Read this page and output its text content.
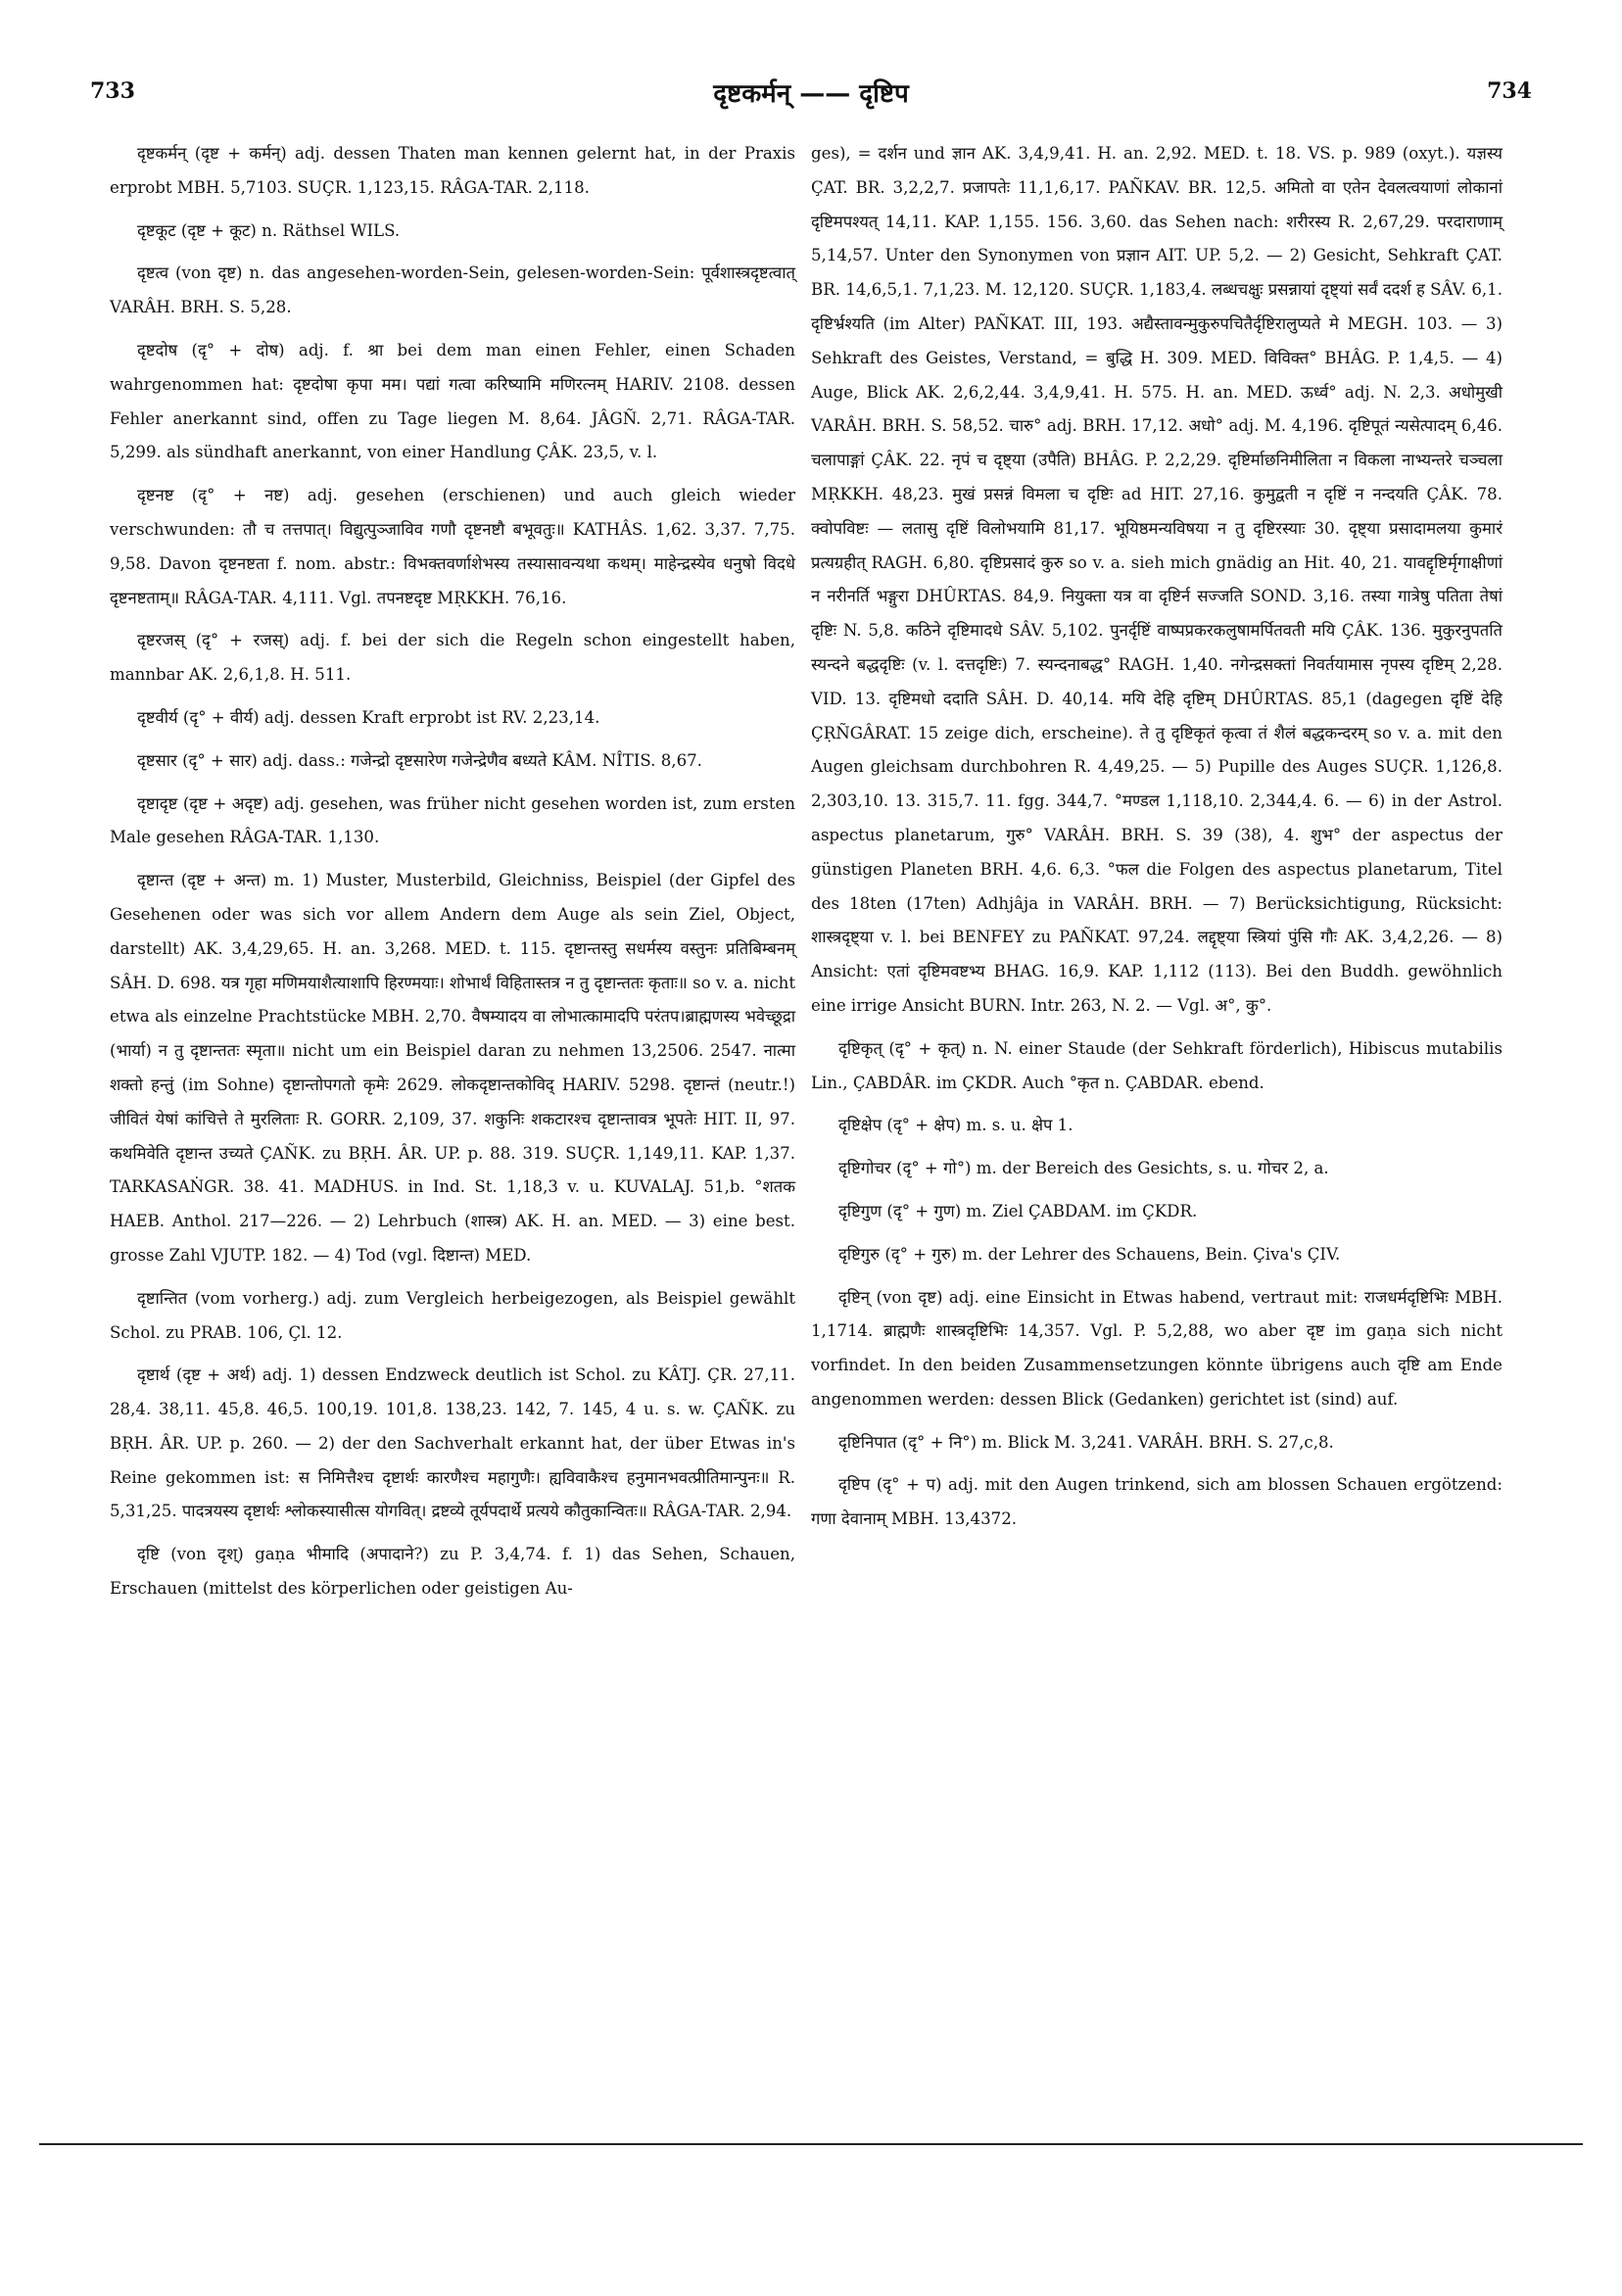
733	दृष्टकर्मन् —— दृष्टिप	734

दृष्टकर्मन् (दृष्ट + कर्मन्) adj. dessen Thaten man kennen gelernt hat, in der Praxis erprobt MBH. 5,7103. SUÇR. 1,123,15. RÂGA-TAR. 2,118.

दृष्टकूट (दृष्ट + कूट) n. Räthsel WILS.

दृष्टत्व (von दृष्ट) n. das angesehen-worden-Sein, gelesen-worden-Sein: पूर्वशास्त्रदृष्टत्वात् VARÂH. BRH. S. 5,28.

दृष्टदोष (दृ° + दोष) adj. f. श्रा bei dem man einen Fehler, einen Schaden wahrgenommen hat: दृष्टदोषा कृपा मम। पद्यां गत्वा करिष्यामि मणिरत्नम् HARIV. 2108. dessen Fehler anerkannt sind, offen zu Tage liegen M. 8,64. JÂGÑ. 2,71. RÂGA-TAR. 5,299. als sündhaft anerkannt, von einer Handlung ÇÂK. 23,5, v. l.

दृष्टनष्ट (दृ° + नष्ट) adj. gesehen (erschienen) und auch gleich wieder verschwunden: तौ च तत्तपात्। विद्युत्पुञ्जाविव गणौ दृष्टनष्टौ बभूवतुः॥ KATHÂS. 1,62. 3,37. 7,75. 9,58. Davon दृष्टनष्टता f. nom. abstr.: विभक्तवर्णाशेभस्य तस्यासावन्यथा कथम्। माहेन्द्रस्येव धनुषो विदधे दृष्टनष्टताम्॥ RÂGA-TAR. 4,111. Vgl. तपनष्टदृष्ट MṚKKH. 76,16.

दृष्टरजस् (दृ° + रजस्) adj. f. bei der sich die Regeln schon eingestellt haben, mannbar AK. 2,6,1,8. H. 511.

दृष्टवीर्य (दृ° + वीर्य) adj. dessen Kraft erprobt ist RV. 2,23,14.

दृष्टसार (दृ° + सार) adj. dass.: गजेन्द्रो दृष्टसारेण गजेन्द्रेणैव बध्यते KÂM. NÎTIS. 8,67.

दृष्टादृष्ट (दृष्ट + अदृष्ट) adj. gesehen, was früher nicht gesehen worden ist, zum ersten Male gesehen RÂGA-TAR. 1,130.

दृष्टान्त (दृष्ट + अन्त) m. 1) Muster, Musterbild, Gleichniss, Beispiel (der Gipfel des Gesehenen oder was sich vor allem Andern dem Auge als sein Ziel, Object, darstellt) AK. 3,4,29,65. H. an. 3,268. MED. t. 115. दृष्टान्तस्तु सधर्मस्य वस्तुनः प्रतिबिम्बनम् SÂH. D. 698. यत्र गृहा मणिमयाशैत्याशापि हिरण्मयाः। शोभार्थं विहितास्तत्र न तु दृष्टान्ततः कृताः॥ so v. a. nicht etwa als einzelne Prachtstücke MBH. 2,70. वैषम्यादय वा लोभात्कामादपि परंतप।ब्राह्मणस्य भवेच्छूद्रा (भार्या) न तु दृष्टान्ततः स्मृता॥ nicht um ein Beispiel daran zu nehmen 13,2506. 2547. नात्मा शक्तो हन्तुं (im Sohne) दृष्टान्तोपगतो कृमेः 2629. लोकदृष्टान्तकोविद् HARIV. 5298. दृष्टान्तं (neutr.!) जीवितं येषां कांचित्ते ते मुरलिताः R. GORR. 2,109, 37. शकुनिः शकटारश्च दृष्टान्तावत्र भूपतेः HIT. II, 97. कथमिवेति दृष्टान्त उच्यते ÇAÑK. zu BṚH. ÂR. UP. p. 88. 319. SUÇR. 1,149,11. KAP. 1,37. TARKASAṄGR. 38. 41. MADHUS. in Ind. St. 1,18,3 v. u. KUVALAJ. 51,b. °शतक HAEB. Anthol. 217—226. — 2) Lehrbuch (शास्त्र) AK. H. an. MED. — 3) eine best. grosse Zahl VJUTP. 182. — 4) Tod (vgl. दिष्टान्त) MED.

दृष्टान्तित (vom vorherg.) adj. zum Vergleich herbeigezogen, als Beispiel gewählt Schol. zu PRAB. 106, Çl. 12.

दृष्टार्थ (दृष्ट + अर्थ) adj. 1) dessen Endzweck deutlich ist Schol. zu KÂTJ. ÇR. 27,11. 28,4. 38,11. 45,8. 46,5. 100,19. 101,8. 138,23. 142, 7. 145, 4 u. s. w. ÇAÑK. zu BṚH. ÂR. UP. p. 260. — 2) der den Sachverhalt erkannt hat, der über Etwas in's Reine gekommen ist: स निमित्तैश्च दृष्टार्थः कारणैश्च महागुणैः। ह्यविवाकैश्च हनुमानभवत्प्रीतिमान्पुनः॥ R. 5,31,25. पादत्रयस्य दृष्टार्थः श्लोकस्यासीत्स योगवित्। द्रष्टव्ये तूर्यपदार्थे प्रत्यये कौतुकान्वितः॥ RÂGA-TAR. 2,94.

दृष्टि (von दृश्) gaṇa भीमादि (अपादाने?) zu P. 3,4,74. f. 1) das Sehen, Schauen, Erschauen (mittelst des körperlichen oder geistigen Au-

ges), = दर्शन und ज्ञान AK. 3,4,9,41. H. an. 2,92. MED. t. 18. VS. p. 989 (oxyt.). यज्ञस्य ÇAT. BR. 3,2,2,7. प्रजापतेः 11,1,6,17. PAÑKAV. BR. 12,5. अमितो वा एतेन देवलत्वयाणां लोकानां दृष्टिमपश्यत् 14,11. KAP. 1,155. 156. 3,60. das Sehen nach: शरीरस्य R. 2,67,29. परदाराणाम् 5,14,57. Unter den Synonymen von प्रज्ञान AIT. UP. 5,2. — 2) Gesicht, Sehkraft ÇAT. BR. 14,6,5,1. 7,1,23. M. 12,120. SUÇR. 1,183,4. लब्धचक्षुः प्रसन्नायां दृष्ट्यां सर्वं ददर्श ह SÂV. 6,1. दृष्टिर्भ्रश्यति (im Alter) PAÑKAT. III, 193. अद्यैस्तावन्मुकुरुपचितैर्दृष्टिरालुप्यते मे MEGH. 103. — 3) Sehkraft des Geistes, Verstand, = बुद्धि H. 309. MED. विविक्त° BHÂG. P. 1,4,5. — 4) Auge, Blick AK. 2,6,2,44. 3,4,9,41. H. 575. H. an. MED. ऊर्ध्व° adj. N. 2,3. अधोमुखी VARÂH. BRH. S. 58,52. चारु° adj. BRH. 17,12. अधो° adj. M. 4,196. दृष्टिपूतं न्यसेत्पादम् 6,46. चलापाङ्गां ÇÂK. 22. नृपं च दृष्ट्या (उपैति) BHÂG. P. 2,2,29. दृष्टिर्माछनिमीलिता न विकला नाभ्यन्तरे चञ्चला MṚKKH. 48,23. मुखं प्रसन्नं विमला च दृष्टिः ad HIT. 27,16. कुमुद्वती न दृष्टिं न नन्दयति ÇÂK. 78. क्वोपविष्टः — लतासु दृष्टिं विलोभयामि 81,17. भूयिष्ठमन्यविषया न तु दृष्टिरस्याः 30. दृष्ट्या प्रसादामलया कुमारं प्रत्यग्रहीत् RAGH. 6,80. दृष्टिप्रसादं कुरु so v. a. sieh mich gnädig an Hit. 40, 21. यावद्दृष्टिर्मृगाक्षीणां न नरीनर्ति भङ्गुरा DHÛRTAS. 84,9. नियुक्ता यत्र वा दृष्टिर्न सज्जति SOND. 3,16. तस्या गात्रेषु पतिता तेषां दृष्टिः N. 5,8. कठिने दृष्टिमादधे SÂV. 5,102. पुनर्दृष्टिं वाष्पप्रकरकलुषामर्पितवती मयि ÇÂK. 136. मुकुरनुपतति स्यन्दने बद्धदृष्टिः (v. l. दत्तदृष्टिः) 7. स्यन्दनाबद्ध° RAGH. 1,40. नगेन्द्रसक्तां निवर्तयामास नृपस्य दृष्टिम् 2,28. VID. 13. दृष्टिमधो ददाति SÂH. D. 40,14. मयि देहि दृष्टिम् DHÛRTAS. 85,1 (dagegen दृष्टिं देहि ÇṚÑGÂRAT. 15 zeige dich, erscheine). ते तु दृष्टिकृतं कृत्वा तं शैलं बद्धकन्दरम् so v. a. mit den Augen gleichsam durchbohren R. 4,49,25. — 5) Pupille des Auges SUÇR. 1,126,8. 2,303,10. 13. 315,7. 11. fgg. 344,7. °मण्डल 1,118,10. 2,344,4. 6. — 6) in der Astrol. aspectus planetarum, गुरु° VARÂH. BRH. S. 39 (38), 4. शुभ° der aspectus der günstigen Planeten BRH. 4,6. 6,3. °फल die Folgen des aspectus planetarum, Titel des 18ten (17ten) Adhjâja in VARÂH. BRH. — 7) Berücksichtigung, Rücksicht: शास्त्रदृष्ट्या v. l. bei BENFEY zu PAÑKAT. 97,24. लद्दृष्ट्या स्त्रियां पुंसि गौः AK. 3,4,2,26. — 8) Ansicht: एतां दृष्टिमवष्टभ्य BHAG. 16,9. KAP. 1,112 (113). Bei den Buddh. gewöhnlich eine irrige Ansicht BURN. Intr. 263, N. 2. — Vgl. अ°, कु°.

दृष्टिकृत् (दृ° + कृत्) n. N. einer Staude (der Sehkraft förderlich), Hibiscus mutabilis Lin., ÇABDÂR. im ÇKDR. Auch °कृत n. ÇABDAR. ebend.

दृष्टिक्षेप (दृ° + क्षेप) m. s. u. क्षेप 1.

दृष्टिगोचर (दृ° + गो°) m. der Bereich des Gesichts, s. u. गोचर 2, a.

दृष्टिगुण (दृ° + गुण) m. Ziel ÇABDAM. im ÇKDR.

दृष्टिगुरु (दृ° + गुरु) m. der Lehrer des Schauens, Bein. Çiva's ÇIV.

दृष्टिन् (von दृष्ट) adj. eine Einsicht in Etwas habend, vertraut mit: राजधर्मदृष्टिभिः MBH. 1,1714. ब्राह्मणैः शास्त्रदृष्टिभिः 14,357. Vgl. P. 5,2,88, wo aber दृष्ट im gaṇa sich nicht vorfindet. In den beiden Zusammensetzungen könnte übrigens auch दृष्टि am Ende angenommen werden: dessen Blick (Gedanken) gerichtet ist (sind) auf.

दृष्टिनिपात (दृ° + नि°) m. Blick M. 3,241. VARÂH. BRH. S. 27,c,8.

दृष्टिप (दृ° + प) adj. mit den Augen trinkend, sich am blossen Schauen ergötzend: गणा देवानाम् MBH. 13,4372.
